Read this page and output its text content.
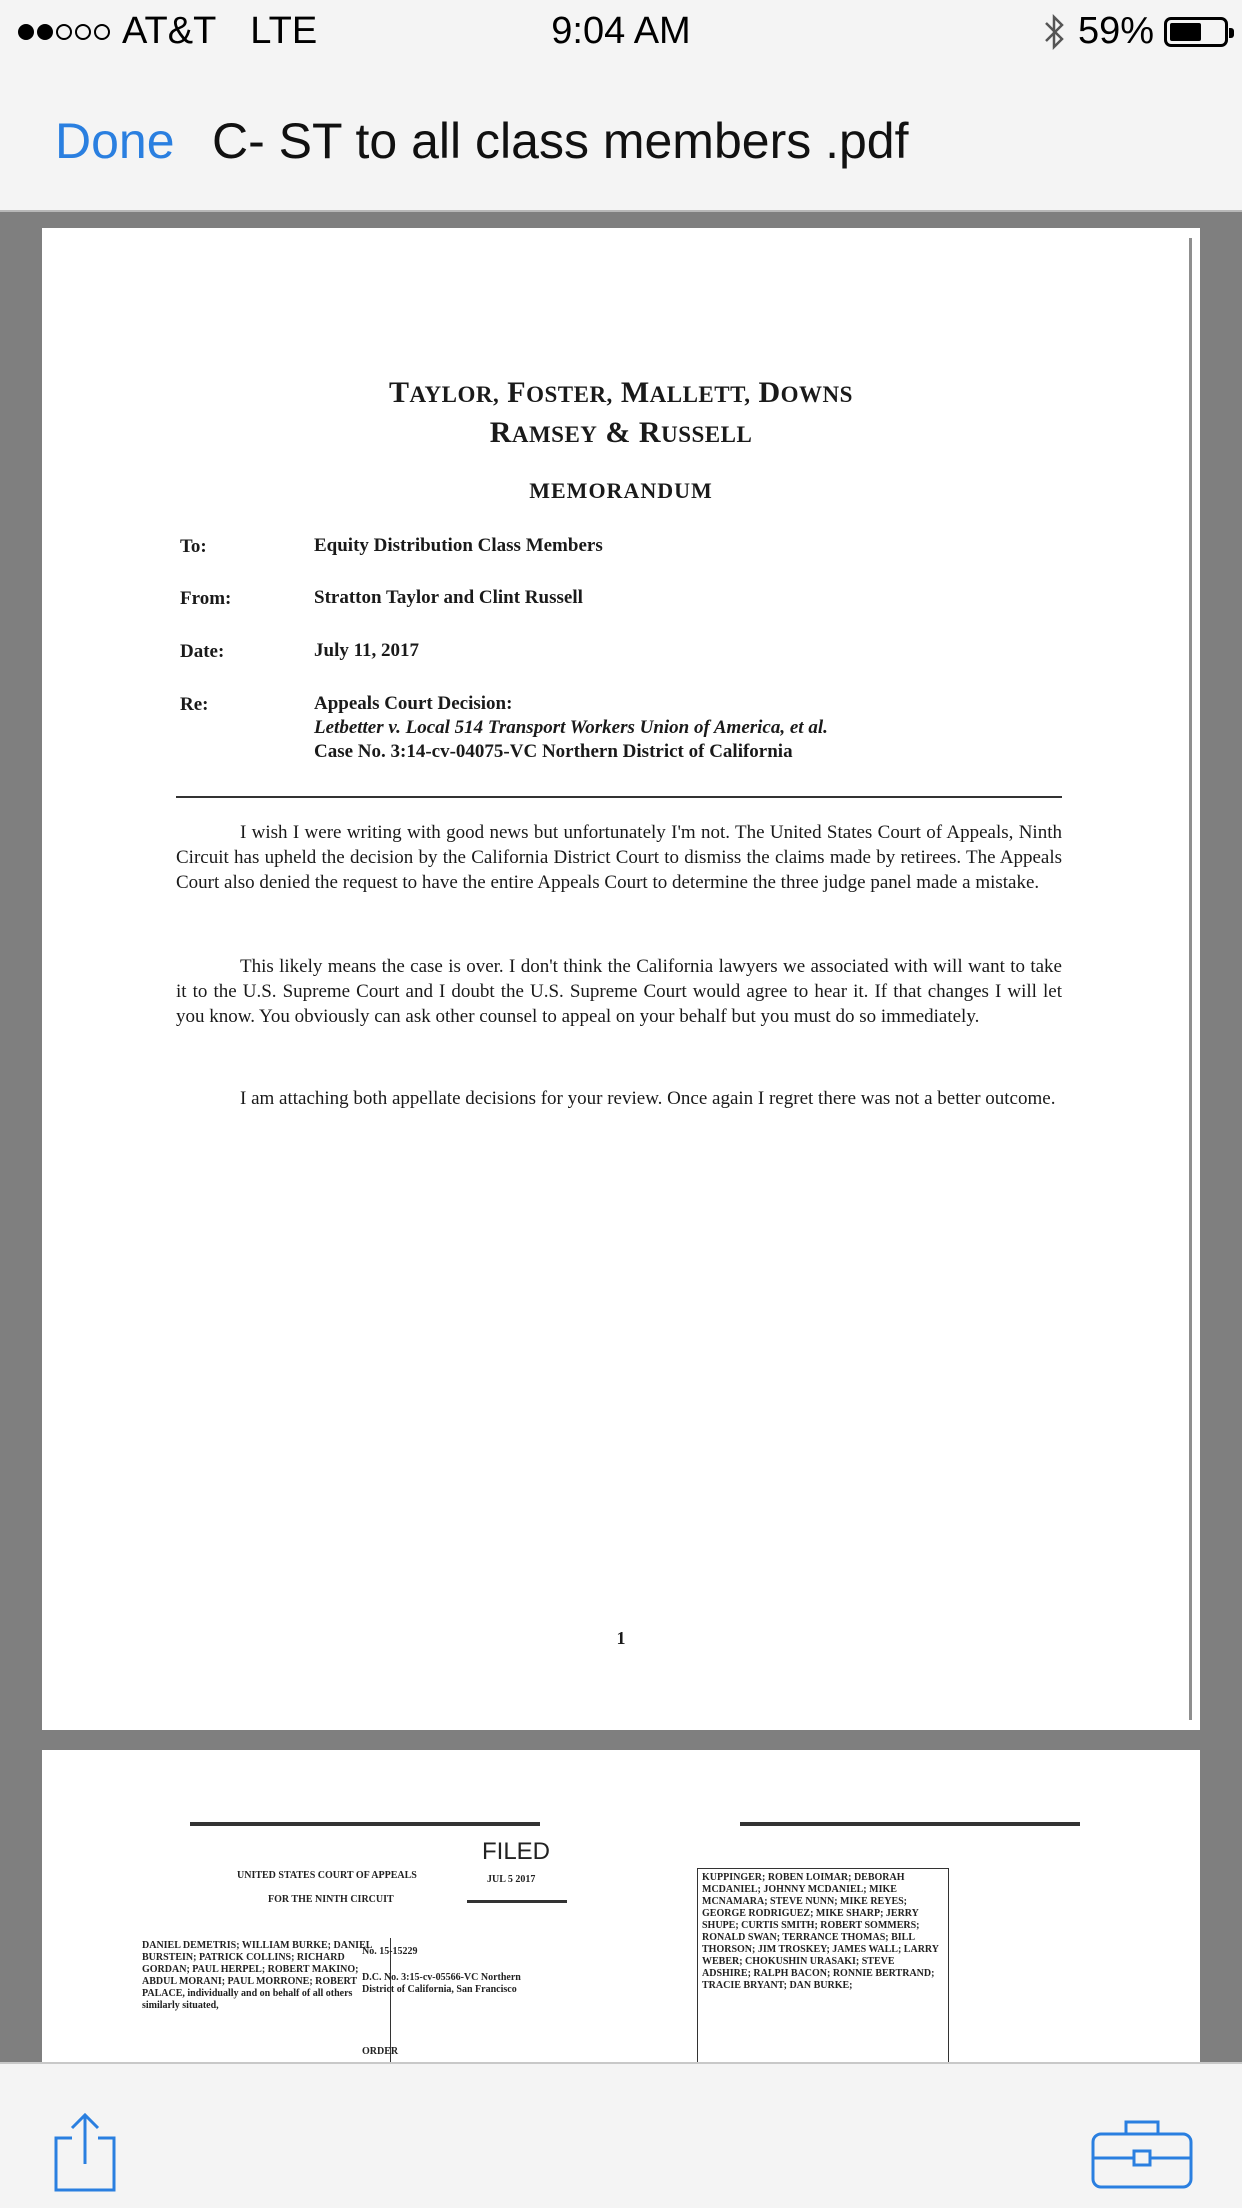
AT&T LTE	9:04 AM	59%
Done C- ST to all class members .pdf
TAYLOR, FOSTER, MALLETT, DOWNS
RAMSEY & RUSSELL
MEMORANDUM
To:	Equity Distribution Class Members
From:	Stratton Taylor and Clint Russell
Date:	July 11, 2017
Re:	Appeals Court Decision:
Letbetter v. Local 514 Transport Workers Union of America, et al.
Case No. 3:14-cv-04075-VC Northern District of California
I wish I were writing with good news but unfortunately I'm not. The United States Court of Appeals, Ninth Circuit has upheld the decision by the California District Court to dismiss the claims made by retirees. The Appeals Court also denied the request to have the entire Appeals Court to determine the three judge panel made a mistake.
This likely means the case is over. I don't think the California lawyers we associated with will want to take it to the U.S. Supreme Court and I doubt the U.S. Supreme Court would agree to hear it. If that changes I will let you know. You obviously can ask other counsel to appeal on your behalf but you must do so immediately.
I am attaching both appellate decisions for your review. Once again I regret there was not a better outcome.
1
FILED
UNITED STATES COURT OF APPEALS
FOR THE NINTH CIRCUIT
JUL 5 2017
DANIEL DEMETRIS; WILLIAM BURKE; DANIEL BURSTEIN; PATRICK COLLINS; RICHARD GORDAN; PAUL HERPEL; ROBERT MAKINO; ABDUL MORANI; PAUL MORRONE; ROBERT PALACE, individually and on behalf of all others similarly situated,
No. 15-15229
D.C. No. 3:15-cv-05566-VC Northern District of California, San Francisco
ORDER
KUPPINGER; ROBEN LOIMAR; DEBORAH MCDANIEL; JOHNNY MCDANIEL; MIKE MCNAMARA; STEVE NUNN; MIKE REYES; GEORGE RODRIGUEZ; MIKE SHARP; JERRY SHUPE; CURTIS SMITH; ROBERT SOMMERS; RONALD SWAN; TERRANCE THOMAS; BILL THORSON; JIM TROSKEY; JAMES WALL; LARRY WEBER; CHOKUSHIN URASAKI; STEVE ADSHIRE; RALPH BACON; RONNIE BERTRAND; TRACIE BRYANT; DAN BURKE;
